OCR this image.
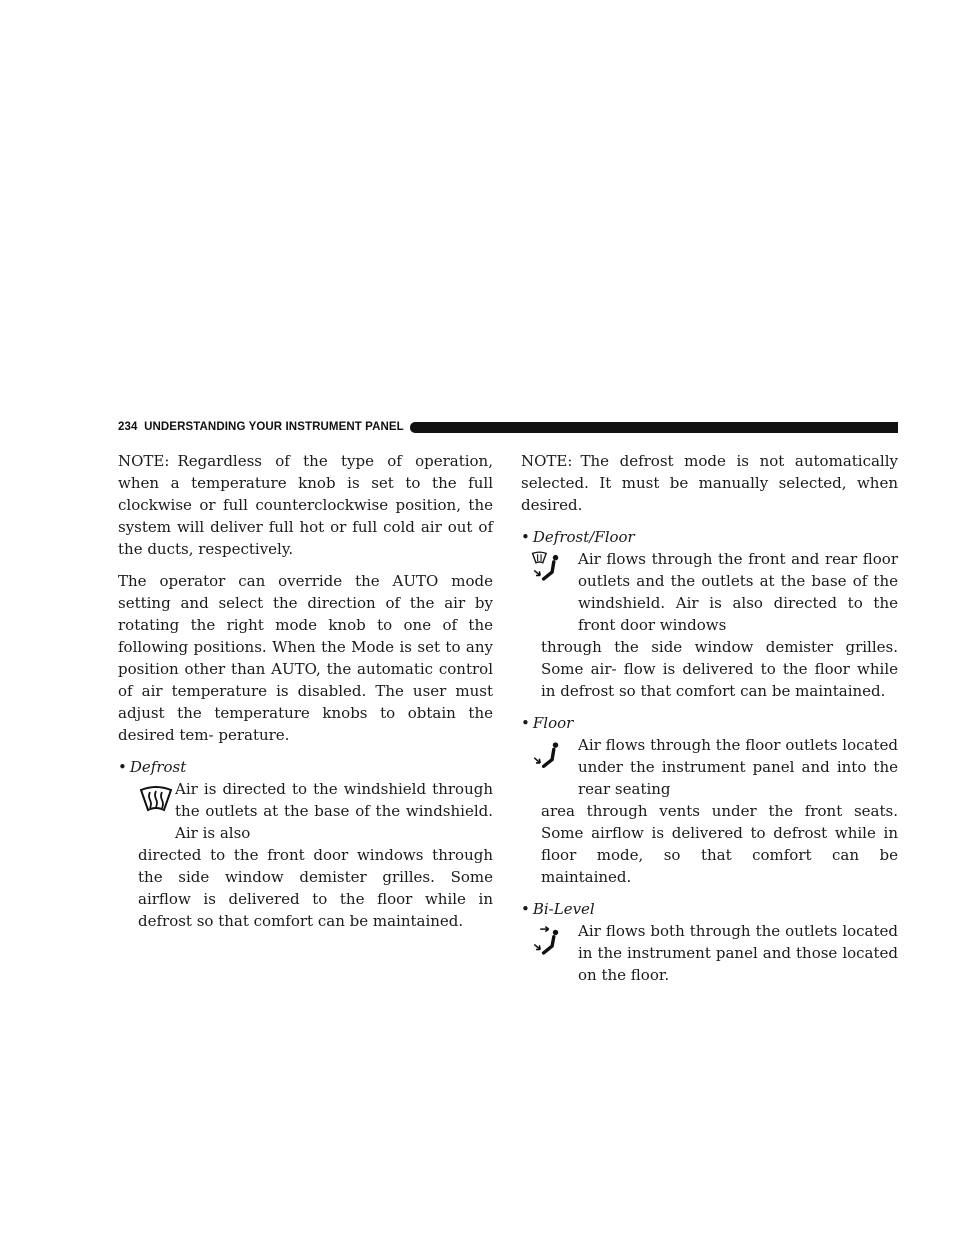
234 UNDERSTANDING YOUR INSTRUMENT PANEL

NOTE: Regardless of the type of operation, when a temperature knob is set to the full clockwise or full counterclockwise position, the system will deliver full hot or full cold air out of the ducts, respectively.

The operator can override the AUTO mode setting and select the direction of the air by rotating the right mode knob to one of the following positions. When the Mode is set to any position other than AUTO, the automatic control of air temperature is disabled. The user must adjust the temperature knobs to obtain the desired tem- perature.

• Defrost
Air is directed to the windshield through the outlets at the base of the windshield. Air is also
directed to the front door windows through the side window demister grilles. Some airflow is delivered to the floor while in defrost so that comfort can be maintained.

NOTE: The defrost mode is not automatically selected. It must be manually selected, when desired.

• Defrost/Floor
Air flows through the front and rear floor outlets and the outlets at the base of the windshield. Air is also directed to the front door windows
through the side window demister grilles. Some air- flow is delivered to the floor while in defrost so that comfort can be maintained.
• Floor
Air flows through the floor outlets located under the instrument panel and into the rear seating
area through vents under the front seats. Some airflow is delivered to defrost while in floor mode, so that comfort can be maintained.
• Bi-Level
Air flows both through the outlets located in the instrument panel and those located on the floor.
